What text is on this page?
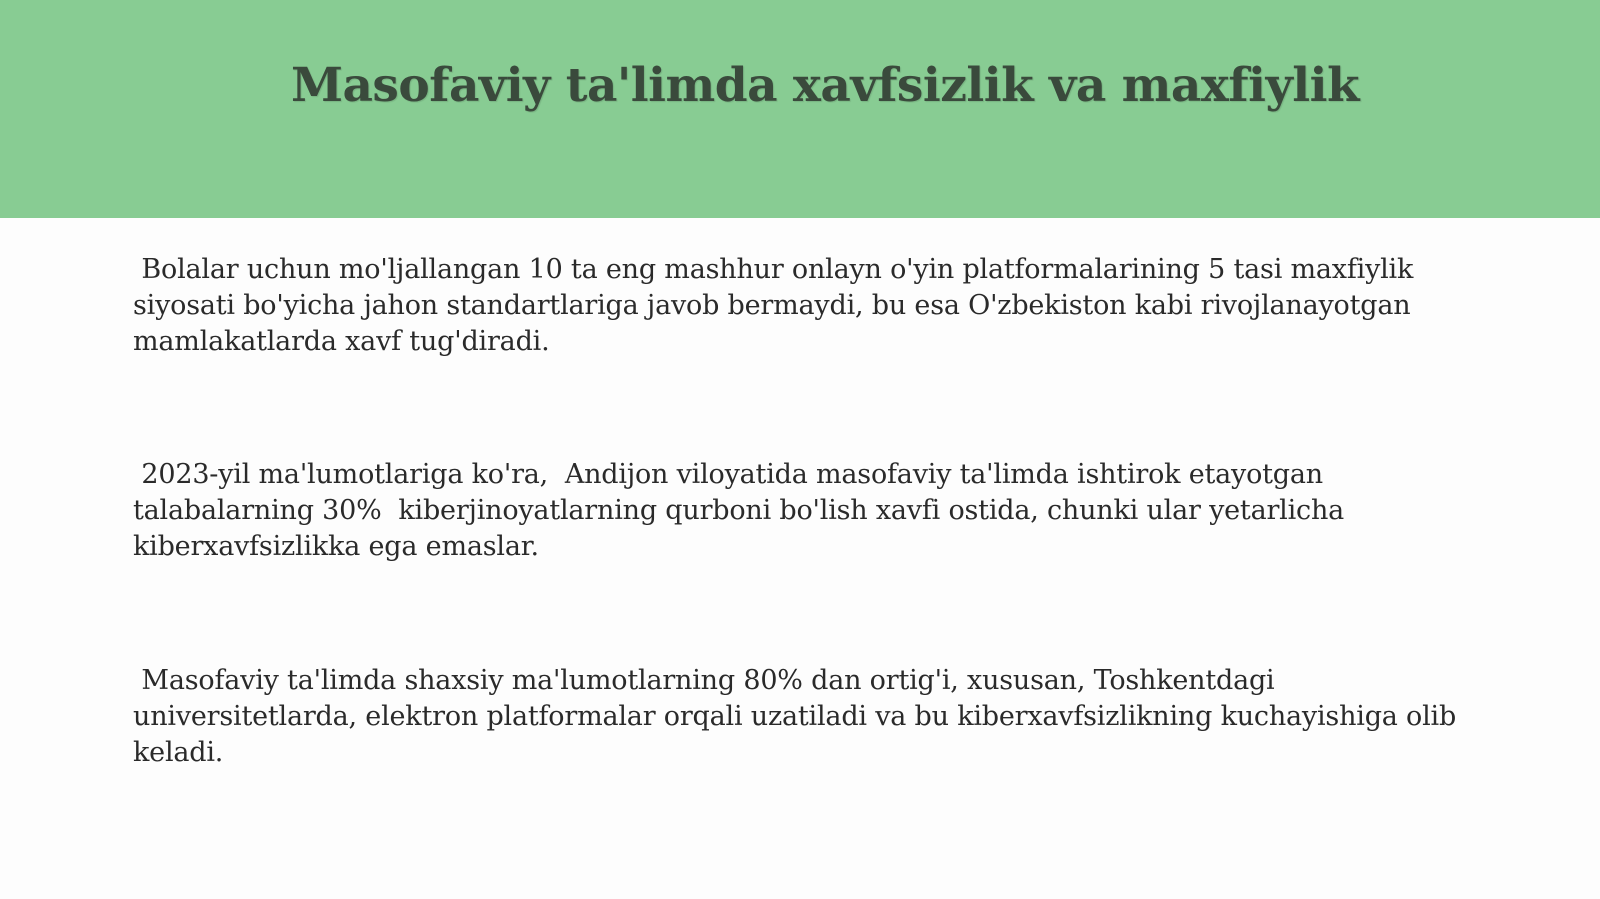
Masofaviy ta'limda xavfsizlik va maxfiylik

Bolalar uchun mo'ljallangan 10 ta eng mashhur onlayn o'yin platformalarining 5 tasi maxfiylik siyosati bo'yicha jahon standartlariga javob bermaydi, bu esa O'zbekiston kabi rivojlanayotgan mamlakatlarda xavf tug'diradi.

2023-yil ma'lumotlariga ko'ra,  Andijon viloyatida masofaviy ta'limda ishtirok etayotgan talabalarning 30%  kiberjinoyatlarning qurboni bo'lish xavfi ostida, chunki ular yetarlicha kiberxavfsizlikka ega emaslar.

Masofaviy ta'limda shaxsiy ma'lumotlarning 80% dan ortig'i, xususan, Toshkentdagi universitetlarda, elektron platformalar orqali uzatiladi va bu kiberxavfsizlikning kuchayishiga olib keladi.
